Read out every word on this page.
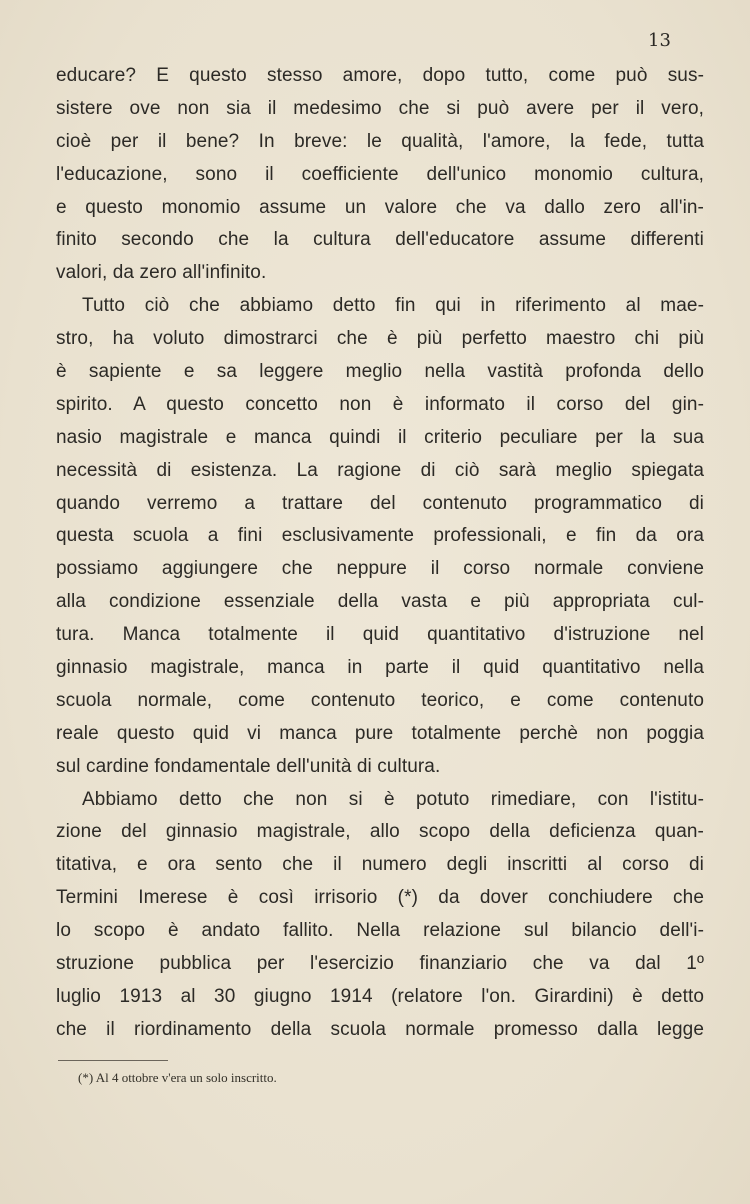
13
educare? E questo stesso amore, dopo tutto, come può sus-
sistere ove non sia il medesimo che si può avere per il vero,
cioè per il bene? In breve: le qualità, l'amore, la fede, tutta
l'educazione, sono il coefficiente dell'unico monomio cultura,
e questo monomio assume un valore che va dallo zero all'in-
finito secondo che la cultura dell'educatore assume differenti
valori, da zero all'infinito.
Tutto ciò che abbiamo detto fin qui in riferimento al mae-
stro, ha voluto dimostrarci che è più perfetto maestro chi più
è sapiente e sa leggere meglio nella vastità profonda dello
spirito. A questo concetto non è informato il corso del gin-
nasio magistrale e manca quindi il criterio peculiare per la sua
necessità di esistenza. La ragione di ciò sarà meglio spiegata
quando verremo a trattare del contenuto programmatico di
questa scuola a fini esclusivamente professionali, e fin da ora
possiamo aggiungere che neppure il corso normale conviene
alla condizione essenziale della vasta e più appropriata cul-
tura. Manca totalmente il quid quantitativo d'istruzione nel
ginnasio magistrale, manca in parte il quid quantitativo nella
scuola normale, come contenuto teorico, e come contenuto
reale questo quid vi manca pure totalmente perchè non poggia
sul cardine fondamentale dell'unità di cultura.
Abbiamo detto che non si è potuto rimediare, con l'istitu-
zione del ginnasio magistrale, allo scopo della deficienza quan-
titativa, e ora sento che il numero degli inscritti al corso di
Termini Imerese è così irrisorio (*) da dover conchiudere che
lo scopo è andato fallito. Nella relazione sul bilancio dell'i-
struzione pubblica per l'esercizio finanziario che va dal 1º
luglio 1913 al 30 giugno 1914 (relatore l'on. Girardini) è detto
che il riordinamento della scuola normale promesso dalla legge
(*) Al 4 ottobre v'era un solo inscritto.
